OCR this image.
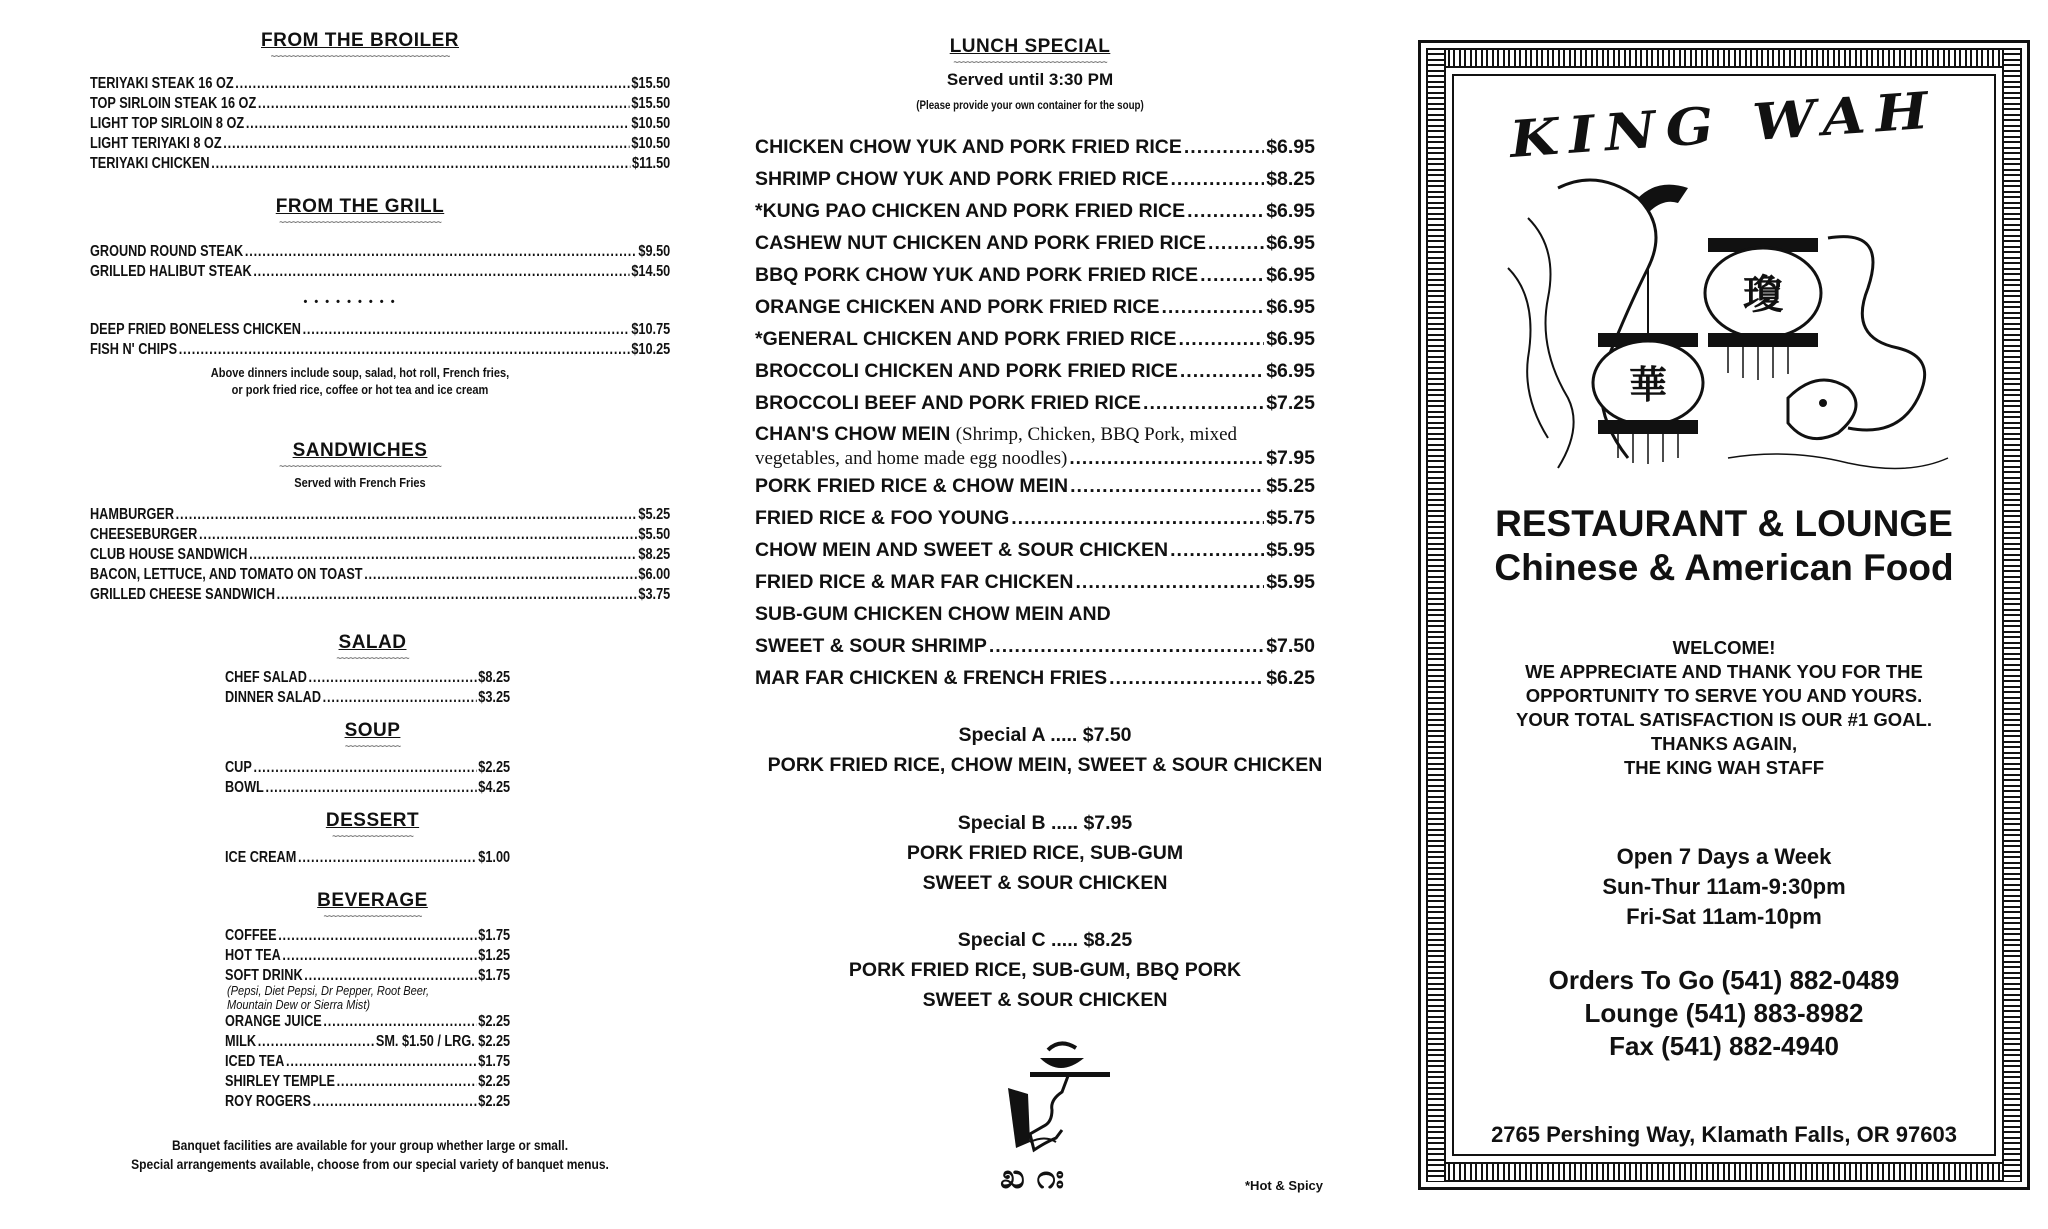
FROM THE BROILER
~~~~~~~~~~~~~~~~~~~~~~~~~~~~~~~~~~~~~~~~~~
TERIYAKI STEAK 16 OZ .....	$15.50
TOP SIRLOIN STEAK 16 OZ .....	$15.50
LIGHT TOP SIRLOIN 8 OZ .....	$10.50
LIGHT TERIYAKI 8 OZ .....	$10.50
TERIYAKI CHICKEN .....	$11.50
FROM THE GRILL
~~~~~~~~~~~~~~~~~~~~~~~~~~~~~~~~~~~~~~
GROUND ROUND STEAK .....	$9.50
GRILLED HALIBUT STEAK .....	$14.50
• • • • • • • • •
DEEP FRIED BONELESS CHICKEN .....	$10.75
FISH N' CHIPS .....	$10.25
Above dinners include soup, salad, hot roll, French fries,
or pork fried rice, coffee or hot tea and ice cream
SANDWICHES
~~~~~~~~~~~~~~~~~~~~~~~~~~~~~~~~~~~~~~
Served with French Fries
HAMBURGER .....	$5.25
CHEESEBURGER .....	$5.50
CLUB HOUSE SANDWICH .....	$8.25
BACON, LETTUCE, AND TOMATO ON TOAST .....	$6.00
GRILLED CHEESE SANDWICH .....	$3.75
SALAD
~~~~~~~~~~~~~~~~~
CHEF SALAD .....	$8.25
DINNER SALAD .....	$3.25
SOUP
~~~~~~~~~~~~~
CUP .....	$2.25
BOWL .....	$4.25
DESSERT
~~~~~~~~~~~~~~~~~~~
ICE CREAM .....	$1.00
BEVERAGE
~~~~~~~~~~~~~~~~~~~~~~~
COFFEE .....	$1.75
HOT TEA .....	$1.25
SOFT DRINK .....	$1.75
(Pepsi, Diet Pepsi, Dr Pepper, Root Beer,
Mountain Dew or Sierra Mist)
ORANGE JUICE .....	$2.25
MILK .....	SM. $1.50 / LRG. $2.25
ICED TEA .....	$1.75
SHIRLEY TEMPLE .....	$2.25
ROY ROGERS .....	$2.25
Banquet facilities are available for your group whether large or small.
Special arrangements available, choose from our special variety of banquet menus.
LUNCH SPECIAL
~~~~~~~~~~~~~~~~~~~~~~~~~~~~~~~~~~~~
Served until 3:30 PM
(Please provide your own container for the soup)
CHICKEN CHOW YUK AND PORK FRIED RICE .....	$6.95
SHRIMP CHOW YUK AND PORK FRIED RICE .....	$8.25
*KUNG PAO CHICKEN AND PORK FRIED RICE .....	$6.95
CASHEW NUT CHICKEN AND PORK FRIED RICE .....	$6.95
BBQ PORK CHOW YUK AND PORK FRIED RICE .....	$6.95
ORANGE CHICKEN AND PORK FRIED RICE .....	$6.95
*GENERAL CHICKEN AND PORK FRIED RICE .....	$6.95
BROCCOLI CHICKEN AND PORK FRIED RICE .....	$6.95
BROCCOLI BEEF AND PORK FRIED RICE .....	$7.25
CHAN'S CHOW MEIN (Shrimp, Chicken, BBQ Pork, mixed
vegetables, and home made egg noodles) .....	$7.95
PORK FRIED RICE & CHOW MEIN .....	$5.25
FRIED RICE & FOO YOUNG .....	$5.75
CHOW MEIN AND SWEET & SOUR CHICKEN .....	$5.95
FRIED RICE & MAR FAR CHICKEN .....	$5.95
SUB-GUM CHICKEN CHOW MEIN AND
SWEET & SOUR SHRIMP .....	$7.50
MAR FAR CHICKEN & FRENCH FRIES .....	$6.25
Special A ..... $7.50
PORK FRIED RICE, CHOW MEIN, SWEET & SOUR CHICKEN
Special B ..... $7.95
PORK FRIED RICE, SUB-GUM
SWEET & SOUR CHICKEN
Special C ..... $8.25
PORK FRIED RICE, SUB-GUM, BBQ PORK
SWEET & SOUR CHICKEN
ಖ ೧ಃ	*Hot & Spicy
KING WAH
瓊
華
RESTAURANT & LOUNGE
Chinese & American Food
WELCOME!
WE APPRECIATE AND THANK YOU FOR THE
OPPORTUNITY TO SERVE YOU AND YOURS.
YOUR TOTAL SATISFACTION IS OUR #1 GOAL.
THANKS AGAIN,
THE KING WAH STAFF
Open 7 Days a Week
Sun-Thur 11am-9:30pm
Fri-Sat 11am-10pm
Orders To Go (541) 882-0489
Lounge (541) 883-8982
Fax (541) 882-4940
2765 Pershing Way, Klamath Falls, OR 97603
